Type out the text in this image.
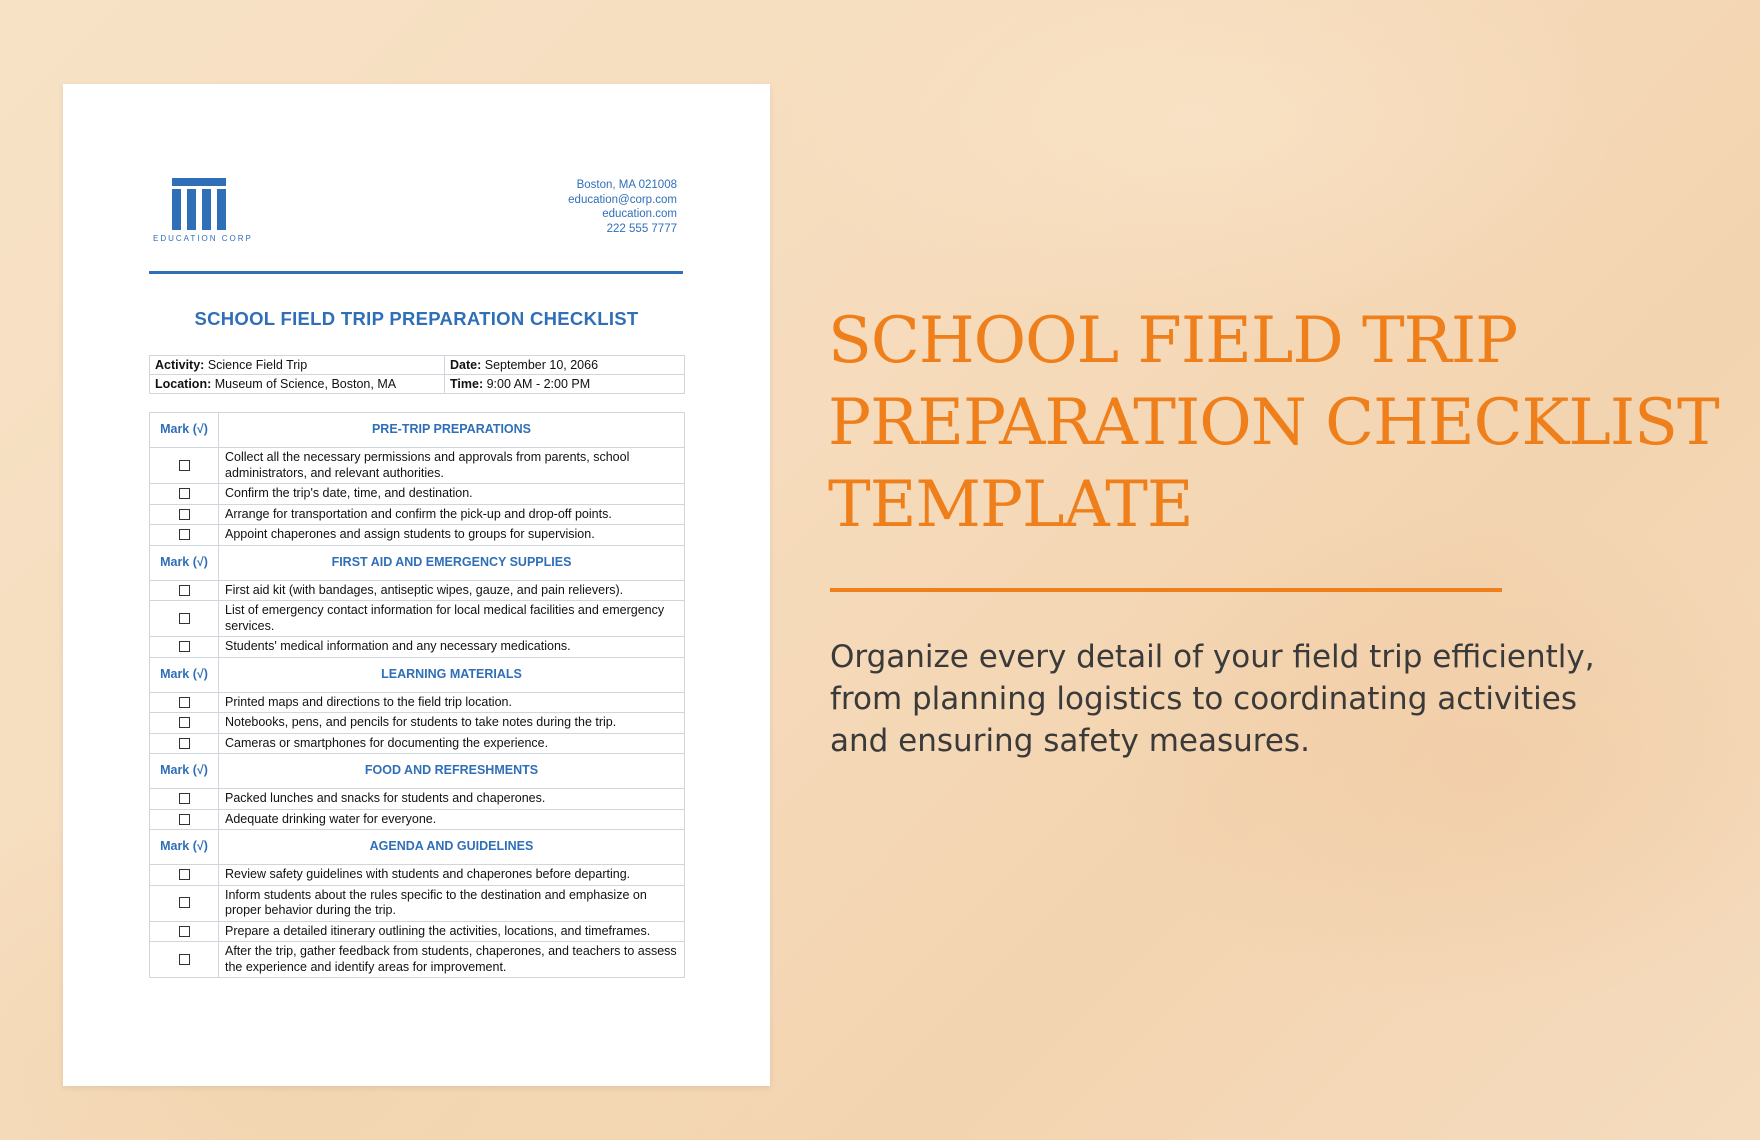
EDUCATION CORP
Boston, MA 021008
education@corp.com
education.com
222 555 7777
SCHOOL FIELD TRIP PREPARATION CHECKLIST
Activity: Science Field Trip	Date: September 10, 2066
Location: Museum of Science, Boston, MA	Time: 9:00 AM - 2:00 PM
Mark (√)	PRE-TRIP PREPARATIONS
	Collect all the necessary permissions and approvals from parents, school administrators, and relevant authorities.
	Confirm the trip's date, time, and destination.
	Arrange for transportation and confirm the pick-up and drop-off points.
	Appoint chaperones and assign students to groups for supervision.
Mark (√)	FIRST AID AND EMERGENCY SUPPLIES
	First aid kit (with bandages, antiseptic wipes, gauze, and pain relievers).
	List of emergency contact information for local medical facilities and emergency services.
	Students' medical information and any necessary medications.
Mark (√)	LEARNING MATERIALS
	Printed maps and directions to the field trip location.
	Notebooks, pens, and pencils for students to take notes during the trip.
	Cameras or smartphones for documenting the experience.
Mark (√)	FOOD AND REFRESHMENTS
	Packed lunches and snacks for students and chaperones.
	Adequate drinking water for everyone.
Mark (√)	AGENDA AND GUIDELINES
	Review safety guidelines with students and chaperones before departing.
	Inform students about the rules specific to the destination and emphasize on proper behavior during the trip.
	Prepare a detailed itinerary outlining the activities, locations, and timeframes.
	After the trip, gather feedback from students, chaperones, and teachers to assess the experience and identify areas for improvement.
SCHOOL FIELD TRIP
PREPARATION CHECKLIST
TEMPLATE
Organize every detail of your field trip efficiently,
from planning logistics to coordinating activities
and ensuring safety measures.
